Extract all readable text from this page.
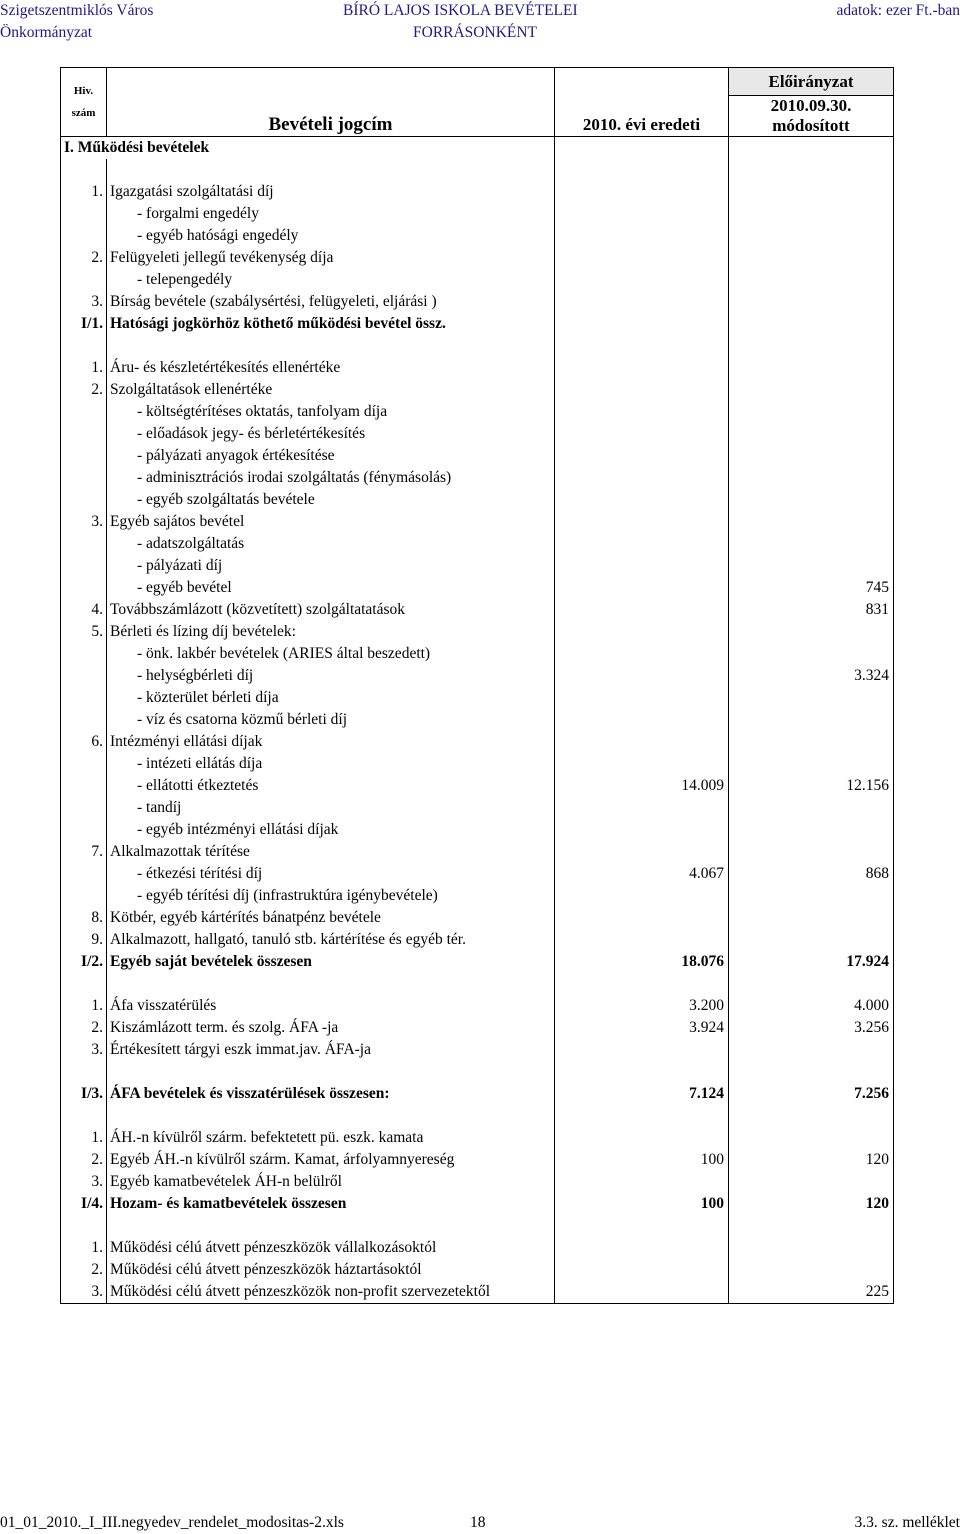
Szigetszentmiklós Város
Önkormányzat
BÍRÓ LAJOS ISKOLA BEVÉTELEI
FORRÁSONKÉNT
adatok: ezer Ft.-ban
Hiv.
szám	Bevételi jogcím	2010. évi eredeti	Előirányzat

			2010.09.30.
módosított

I. Működési bevételek			

1.	Igazgatási szolgáltatási díj		
	- forgalmi engedély		
	- egyéb hatósági engedély		
2.	Felügyeleti jellegű tevékenység díja		
	- telepengedély		
3.	Bírság bevétele (szabálysértési, felügyeleti, eljárási )		
I/1.	Hatósági jogkörhöz köthető működési bevétel össz.		

1.	Áru- és készletértékesítés ellenértéke		
2.	Szolgáltatások ellenértéke		
	- költségtérítéses oktatás, tanfolyam díja		
	- előadások jegy- és bérletértékesítés		
	- pályázati anyagok értékesítése		
	- adminisztrációs irodai szolgáltatás (fénymásolás)		
	- egyéb szolgáltatás bevétele		
3.	Egyéb sajátos bevétel		
	- adatszolgáltatás		
	- pályázati díj		
	- egyéb bevétel		745
4.	Továbbszámlázott (közvetített) szolgáltatatások		831
5.	Bérleti és lízing díj bevételek:		
	- önk. lakbér bevételek (ARIES által beszedett)		
	- helységbérleti díj		3.324
	- közterület bérleti díja		
	- víz és csatorna közmű bérleti díj		
6.	Intézményi ellátási díjak		
	- intézeti ellátás díja		
	- ellátotti étkeztetés	14.009	12.156
	- tandíj		
	- egyéb intézményi ellátási díjak		
7.	Alkalmazottak térítése		
	- étkezési térítési díj	4.067	868
	- egyéb térítési díj (infrastruktúra igénybevétele)		
8.	Kötbér, egyéb kártérítés bánatpénz bevétele		
9.	Alkalmazott, hallgató, tanuló stb. kártérítése és egyéb tér.		
I/2.	Egyéb saját bevételek összesen	18.076	17.924

1.	Áfa visszatérülés	3.200	4.000
2.	Kiszámlázott term. és szolg. ÁFA -ja	3.924	3.256
3.	Értékesített tárgyi eszk immat.jav. ÁFA-ja		

I/3.	ÁFA bevételek és visszatérülések összesen:	7.124	7.256

1.	ÁH.-n kívülről szárm. befektetett pü. eszk. kamata		
2.	Egyéb ÁH.-n kívülről szárm. Kamat, árfolyamnyereség	100	120
3.	Egyéb kamatbevételek ÁH-n belülről		
I/4.	Hozam- és kamatbevételek összesen	100	120

1.	Működési célú átvett pénzeszközök vállalkozásoktól		
2.	Működési célú átvett pénzeszközök háztartásoktól		
3.	Működési célú átvett pénzeszközök non-profit szervezetektől		225
01_01_2010._I_III.negyedev_rendelet_modositas-2.xls	18	3.3. sz. melléklet
